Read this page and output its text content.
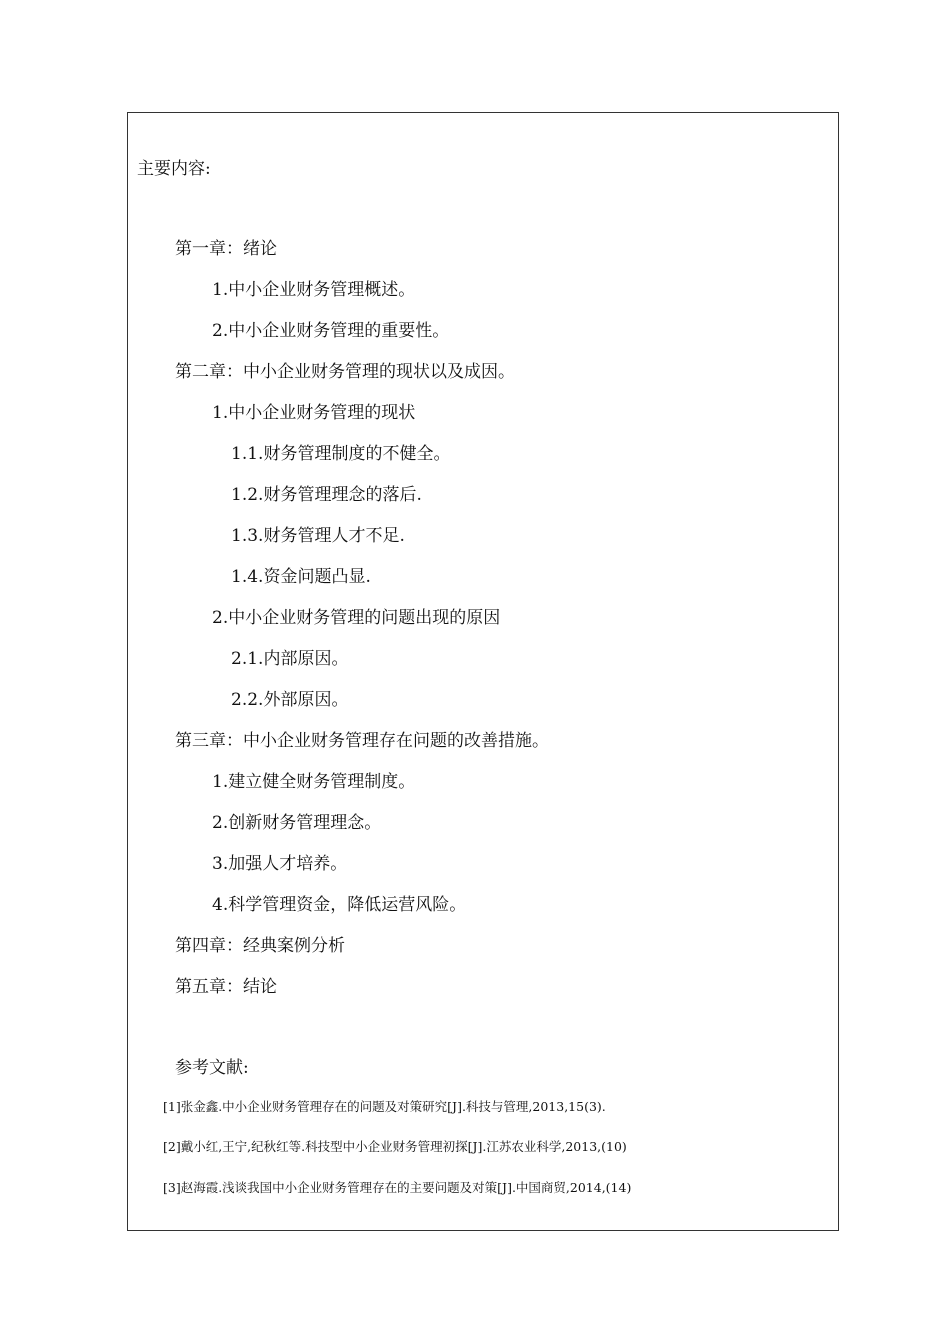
主要内容:
第一章：绪论
1.中小企业财务管理概述。
2.中小企业财务管理的重要性。
第二章：中小企业财务管理的现状以及成因。
1.中小企业财务管理的现状
1.1.财务管理制度的不健全。
1.2.财务管理理念的落后.
1.3.财务管理人才不足.
1.4.资金问题凸显.
2.中小企业财务管理的问题出现的原因
2.1.内部原因。
2.2.外部原因。
第三章：中小企业财务管理存在问题的改善措施。
1.建立健全财务管理制度。
2.创新财务管理理念。
3.加强人才培养。
4.科学管理资金，降低运营风险。
第四章：经典案例分析
第五章：结论
参考文献:
[1]张金鑫.中小企业财务管理存在的问题及对策研究[J].科技与管理,2013,15(3).
[2]戴小红,王宁,纪秋红等.科技型中小企业财务管理初探[J].江苏农业科学,2013,(10)
[3]赵海霞.浅谈我国中小企业财务管理存在的主要问题及对策[J].中国商贸,2014,(14)
